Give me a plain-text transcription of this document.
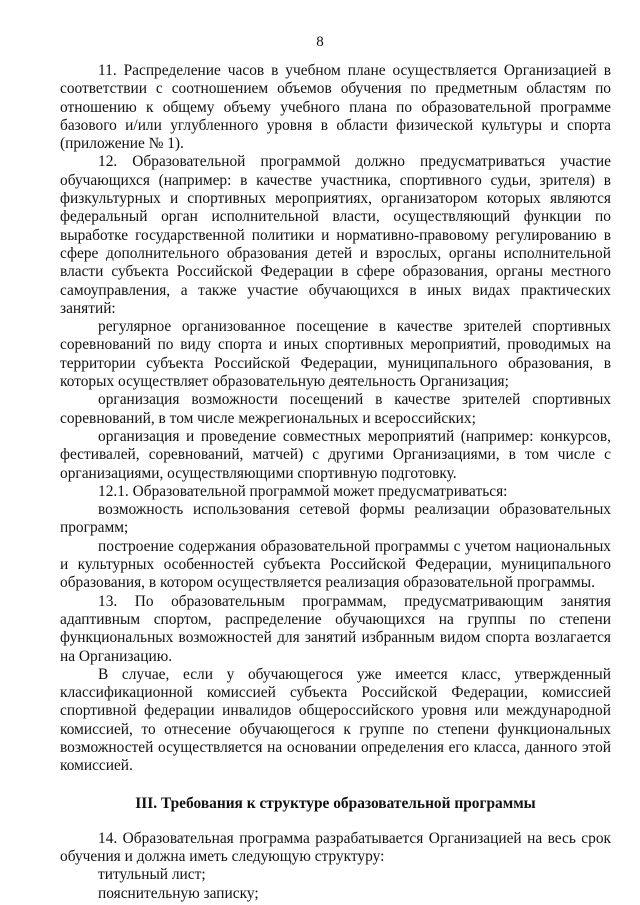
8

11. Распределение часов в учебном плане осуществляется Организацией в соответствии с соотношением объемов обучения по предметным областям по отношению к общему объему учебного плана по образовательной программе базового и/или углубленного уровня в области физической культуры и спорта (приложение № 1).

12. Образовательной программой должно предусматриваться участие обучающихся (например: в качестве участника, спортивного судьи, зрителя) в физкультурных и спортивных мероприятиях, организатором которых являются федеральный орган исполнительной власти, осуществляющий функции по выработке государственной политики и нормативно-правовому регулированию в сфере дополнительного образования детей и взрослых, органы исполнительной власти субъекта Российской Федерации в сфере образования, органы местного самоуправления, а также участие обучающихся в иных видах практических занятий:

регулярное организованное посещение в качестве зрителей спортивных соревнований по виду спорта и иных спортивных мероприятий, проводимых на территории субъекта Российской Федерации, муниципального образования, в которых осуществляет образовательную деятельность Организация;

организация возможности посещений в качестве зрителей спортивных соревнований, в том числе межрегиональных и всероссийских;

организация и проведение совместных мероприятий (например: конкурсов, фестивалей, соревнований, матчей) с другими Организациями, в том числе с организациями, осуществляющими спортивную подготовку.

12.1. Образовательной программой может предусматриваться:

возможность использования сетевой формы реализации образовательных программ;

построение содержания образовательной программы с учетом национальных и культурных особенностей субъекта Российской Федерации, муниципального образования, в котором осуществляется реализация образовательной программы.

13. По образовательным программам, предусматривающим занятия адаптивным спортом, распределение обучающихся на группы по степени функциональных возможностей для занятий избранным видом спорта возлагается на Организацию.

В случае, если у обучающегося уже имеется класс, утвержденный классификационной комиссией субъекта Российской Федерации, комиссией спортивной федерации инвалидов общероссийского уровня или международной комиссией, то отнесение обучающегося к группе по степени функциональных возможностей осуществляется на основании определения его класса, данного этой комиссией.

III. Требования к структуре образовательной программы

14. Образовательная программа разрабатывается Организацией на весь срок обучения и должна иметь следующую структуру:

титульный лист;

пояснительную записку;
